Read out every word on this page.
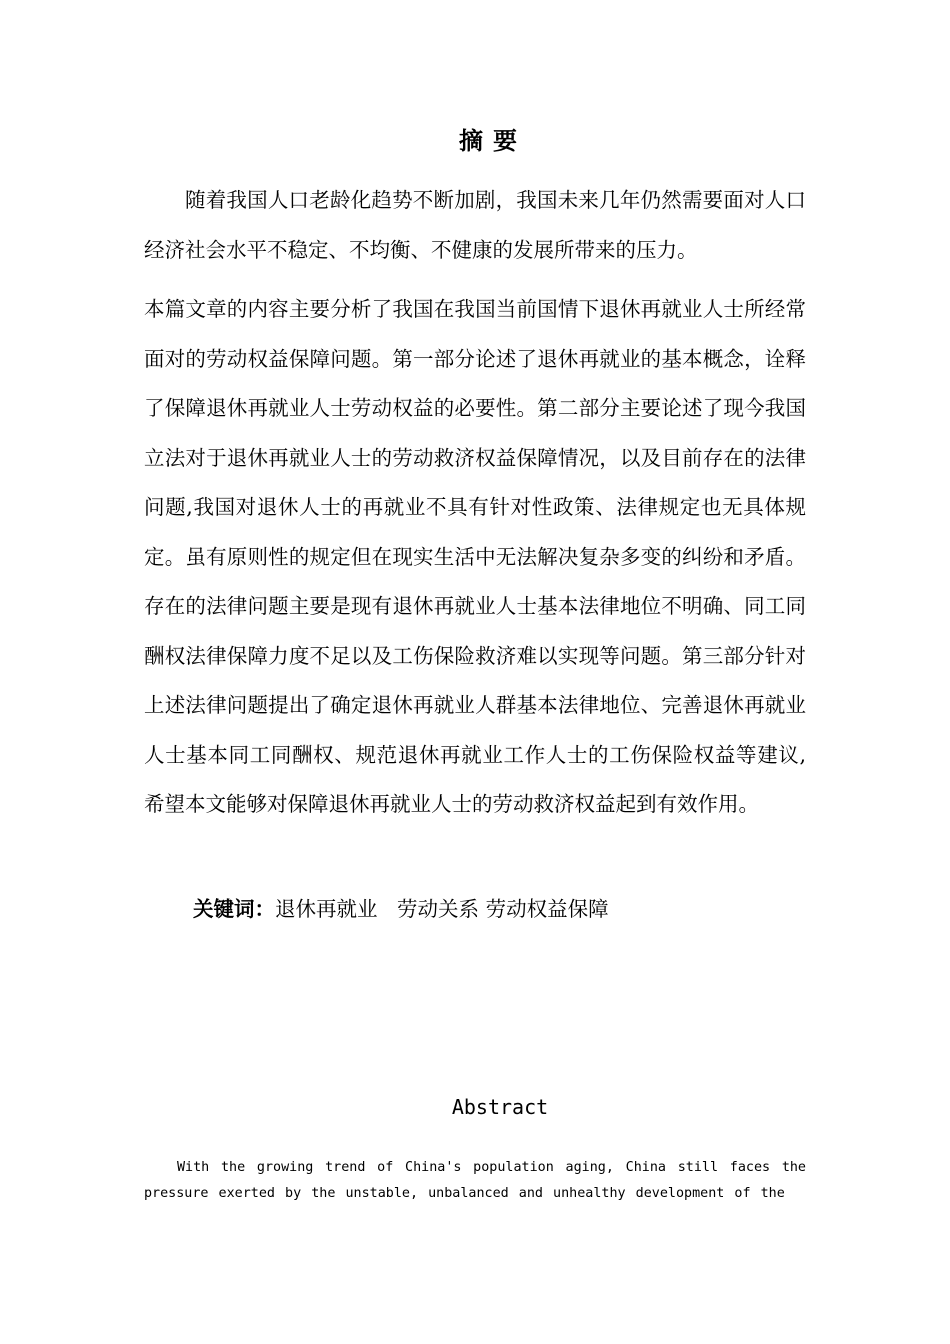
摘要

随着我国人口老龄化趋势不断加剧，我国未来几年仍然需要面对人口经济社会水平不稳定、不均衡、不健康的发展所带来的压力。

本篇文章的内容主要分析了我国在我国当前国情下退休再就业人士所经常面对的劳动权益保障问题。第一部分论述了退休再就业的基本概念，诠释了保障退休再就业人士劳动权益的必要性。第二部分主要论述了现今我国立法对于退休再就业人士的劳动救济权益保障情况，以及目前存在的法律问题,我国对退休人士的再就业不具有针对性政策、法律规定也无具体规定。虽有原则性的规定但在现实生活中无法解决复杂多变的纠纷和矛盾。存在的法律问题主要是现有退休再就业人士基本法律地位不明确、同工同酬权法律保障力度不足以及工伤保险救济难以实现等问题。第三部分针对上述法律问题提出了确定退休再就业人群基本法律地位、完善退休再就业人士基本同工同酬权、规范退休再就业工作人士的工伤保险权益等建议,希望本文能够对保障退休再就业人士的劳动救济权益起到有效作用。

关键词：退休再就业   劳动关系 劳动权益保障
Abstract

With the growing trend of China's population aging, China still faces the pressure exerted by the unstable, unbalanced and unhealthy development of the
